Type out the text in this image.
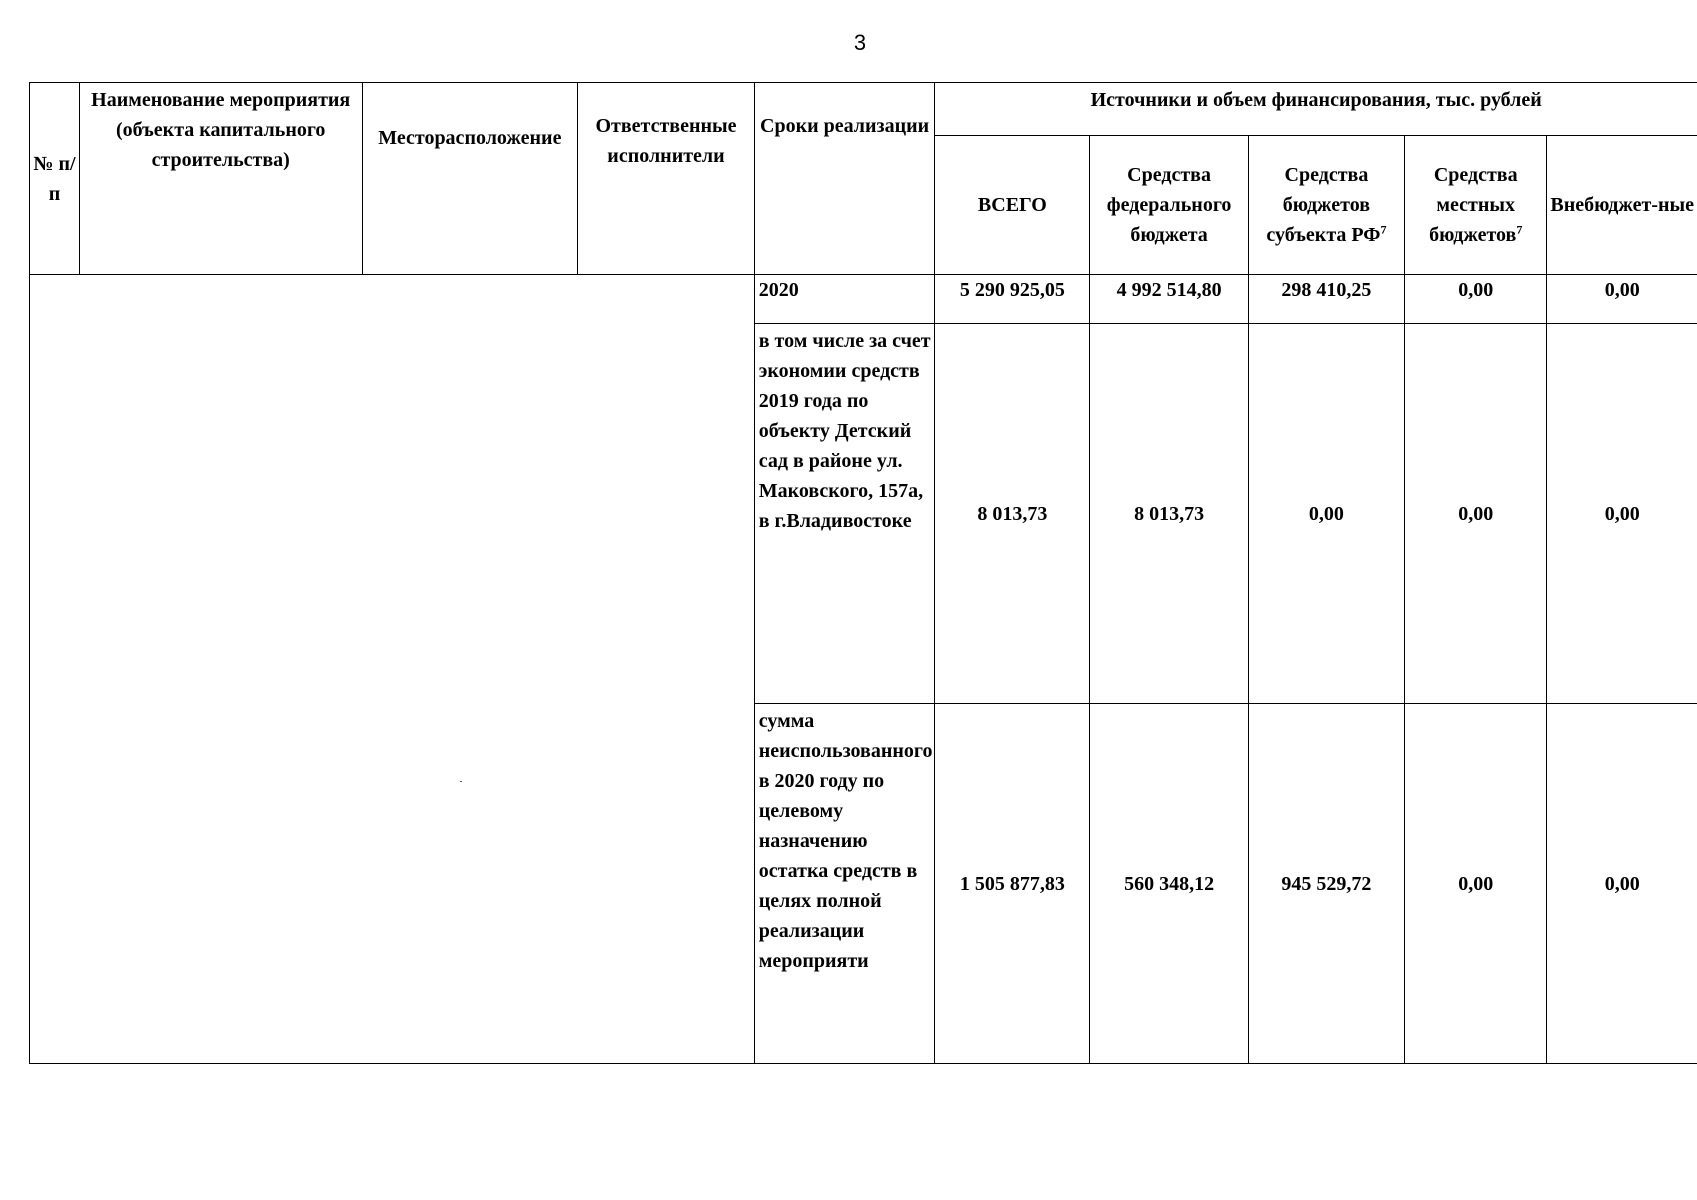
3
№ п/п	Наименование мероприятия (объекта капитального строительства)	Месторасположение	Ответственные исполнители	Сроки реализации	Источники и объем финансирования, тыс. рублей				
					ВСЕГО	Средства федерального бюджета	Средства бюджетов субъекта $РФ^7$	Средства местных бюджетов$^7$	Внебюджет-ные
				2020	5 290 925,05	4 992 514,80	298 410,25	0,00	0,00
				в том числе за счет экономии средств 2019 года по объекту Детский сад в районе ул. Маковского, 157а, в г.Владивостоке	8 013,73	8 013,73	0,00	0,00	0,00
				сумма неиспользованного в 2020 году по целевому назначению остатка средств в целях полной реализации мероприяти	1 505 877,83	560 348,12	945 529,72	0,00	0,00
